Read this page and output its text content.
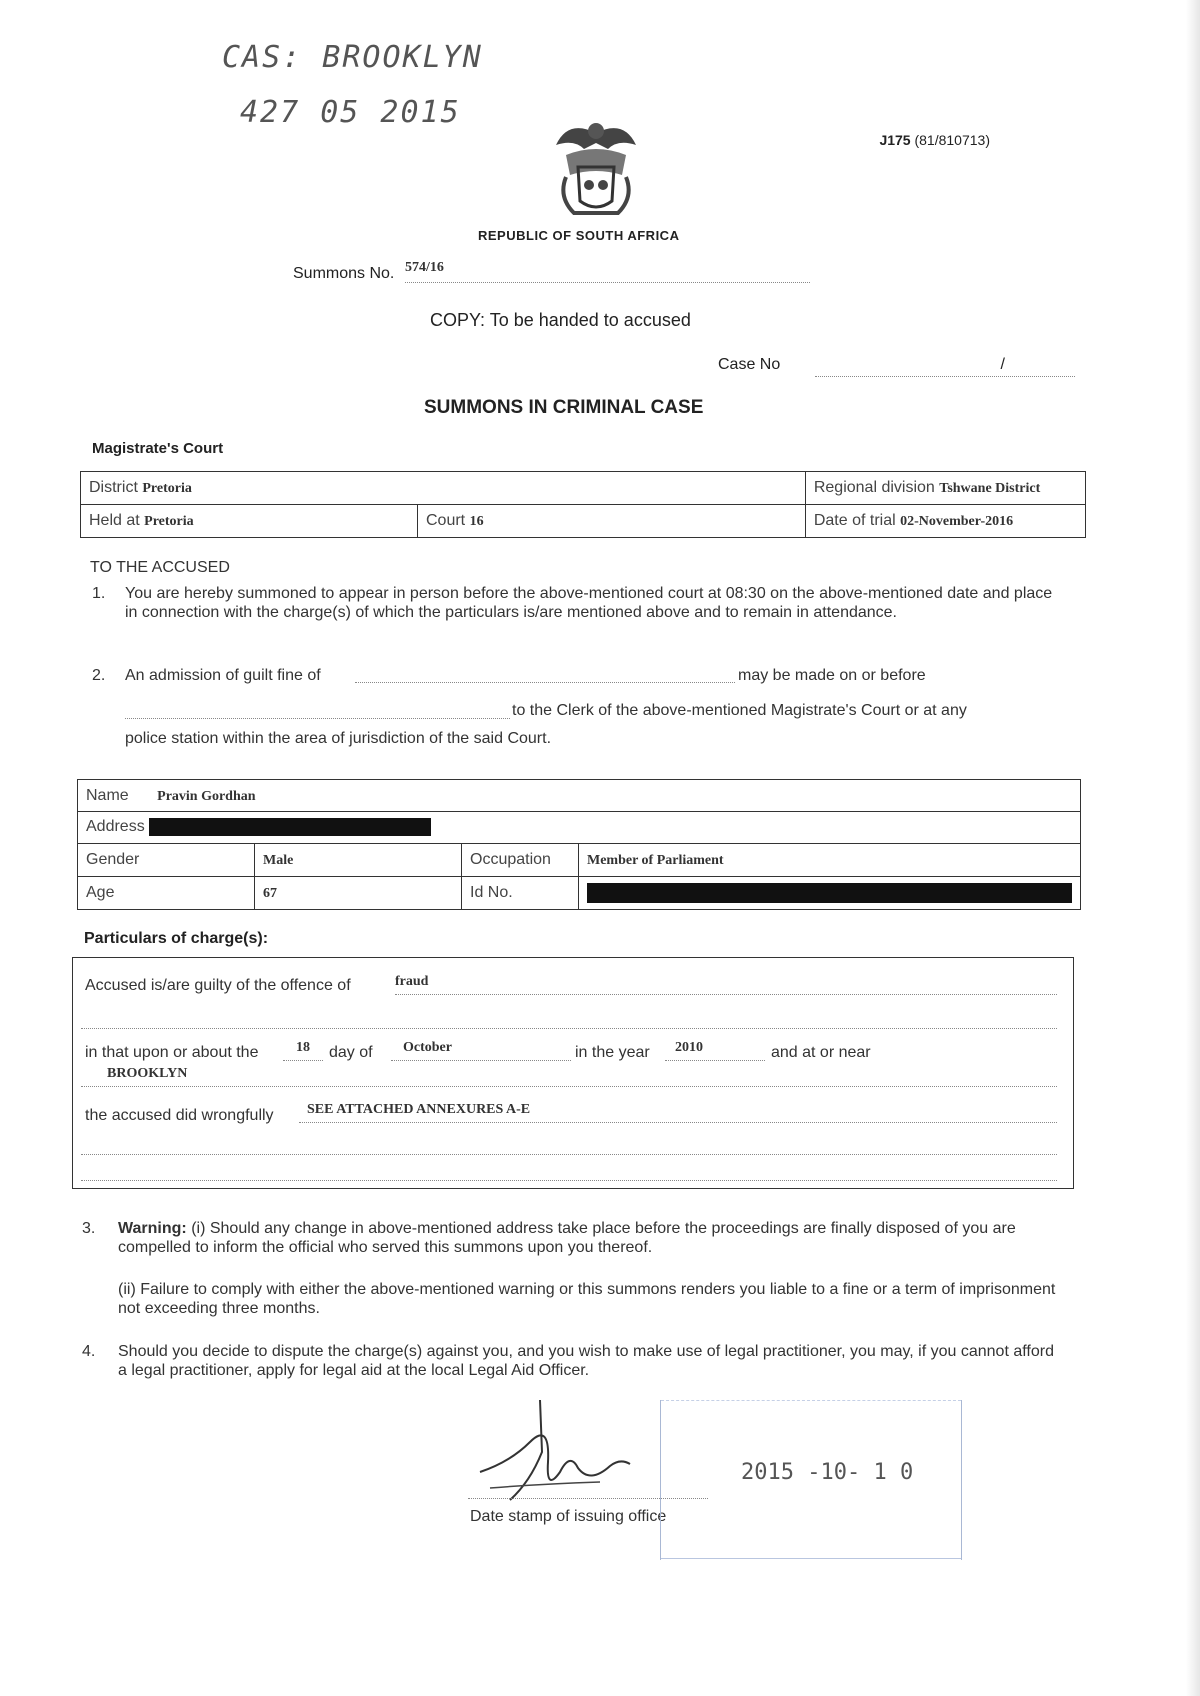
CAS: BROOKLYN
427 05 2015
J175 (81/810713)
REPUBLIC OF SOUTH AFRICA
Summons No. 574/16
COPY: To be handed to accused
Case No	/
SUMMONS IN CRIMINAL CASE
Magistrate's Court
District Pretoria		Regional division Tshwane District
Held at Pretoria	Court 16	Date of trial 02-November-2016
TO THE ACCUSED
1. You are hereby summoned to appear in person before the above-mentioned court at 08:30 on the above-mentioned date and place in connection with the charge(s) of which the particulars is/are mentioned above and to remain in attendance.
2. An admission of guilt fine of	may be made on or before
to the Clerk of the above-mentioned Magistrate's Court or at any
police station within the area of jurisdiction of the said Court.
Name Pravin Gordhan			
Address			
Gender	Male	Occupation	Member of Parliament
Age	67	Id No.	
Particulars of charge(s):
Accused is/are guilty of the offence of	fraud
in that upon or about the	18	day of	October	in the year	2010	and at or near
BROOKLYN
the accused did wrongfully	SEE ATTACHED ANNEXURES A-E
3. Warning: (i) Should any change in above-mentioned address take place before the proceedings are finally disposed of you are compelled to inform the official who served this summons upon you thereof.
(ii) Failure to comply with either the above-mentioned warning or this summons renders you liable to a fine or a term of imprisonment not exceeding three months.
4. Should you decide to dispute the charge(s) against you, and you wish to make use of legal practitioner, you may, if you cannot afford a legal practitioner, apply for legal aid at the local Legal Aid Officer.
Date stamp of issuing office
2015 -10- 1 0
